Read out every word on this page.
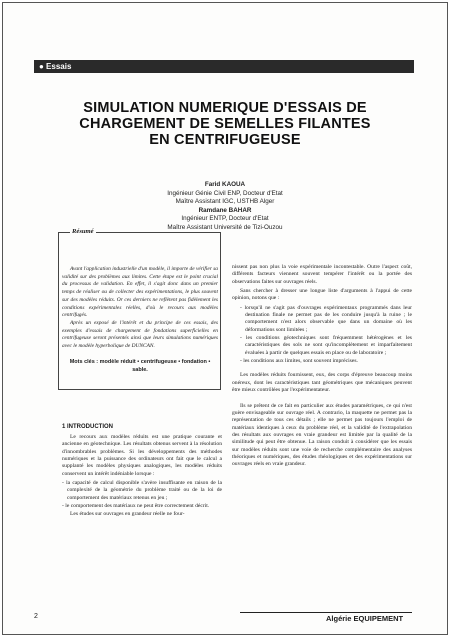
● Essais
SIMULATION NUMERIQUE D'ESSAIS DE
CHARGEMENT DE SEMELLES FILANTES
EN CENTRIFUGEUSE
Farid KAOUA
Ingénieur Génie Civil ENP, Docteur d'Etat
Maître Assistant IGC, USTHB Alger
Ramdane BAHAR
Ingénieur ENTP, Docteur d'Etat
Maître Assistant Université de Tizi-Ouzou
Résumé

Avant l'application industrielle d'un modèle, il importe de vérifier sa validité sur des problèmes aux limites. Cette étape est le point crucial du processus de validation. En effet, il s'agit donc dans un premier temps de réaliser ou de collecter des expérimentations, le plus souvent sur des modèles réduits. Or ces derniers ne reflètent pas fidèlement les conditions expérimentales réelles, d'où le recours aux modèles centrifugés.

Après un exposé de l'intérêt et du principe de ces essais, des exemples d'essais de chargement de fondations superficielles en centrifugeuse seront présentés ainsi que leurs simulations numériques avec le modèle hyperbolique de DUNCAN.

Mots clés : modèle réduit • centrifugeuse • fondation • sable.
1 INTRODUCTION

Le recours aux modèles réduits est une pratique courante et ancienne en géotechnique. Les résultats obtenus servent à la résolution d'innombrables problèmes. Si les développements des méthodes numériques et la puissance des ordinateurs ont fait que le calcul a supplanté les modèles physiques analogiques, les modèles réduits conservent un intérêt indéniable lorsque :

- la capacité de calcul disponible s'avère insuffisante en raison de la complexité de la géométrie du problème traité ou de la loi de comportement des matériaux retenus en jeu ;

- le comportement des matériaux ne peut être correctement décrit.

Les études sur ouvrages en grandeur réelle ne four-

nissent pas non plus la voie expérimentale incontestable. Outre l'aspect coût, différents facteurs viennent souvent tempérer l'intérêt ou la portée des observations faites sur ouvrages réels.

Sans chercher à dresser une longue liste d'arguments à l'appui de cette opinion, notons que :

- lorsqu'il ne s'agit pas d'ouvrages expérimentaux programmés dans leur destination finale ne permet pas de les conduire jusqu'à la ruine ; le comportement n'est alors observable que dans un domaine où les déformations sont limitées ;

- les conditions géotechniques sont fréquemment hétérogènes et les caractéristiques des sols ne sont qu'incomplètement et imparfaitement évaluées à partir de quelques essais en place ou de laboratoire ;

- les conditions aux limites, sont souvent imprécises.

Les modèles réduits fournissent, eux, des corps d'épreuve beaucoup moins onéreux, dont les caractéristiques tant géométriques que mécaniques peuvent être mieux contrôlées par l'expérimentateur.

Ils se prêtent de ce fait en particulier aux études paramétriques, ce qui n'est guère envisageable sur ouvrage réel. A contrario, la maquette ne permet pas la représentation de tous ces détails ; elle ne permet pas toujours l'emploi de matériaux identiques à ceux du problème réel, et la validité de l'extrapolation des résultats aux ouvrages en vraie grandeur est limitée par la qualité de la similitude qui peut être obtenue. La raison conduit à considérer que les essais sur modèles réduits sont une voie de recherche complémentaire des analyses théoriques et numériques, des études rhéologiques et des expérimentations sur ouvrages réels en vraie grandeur.

2	Algérie EQUIPEMENT
